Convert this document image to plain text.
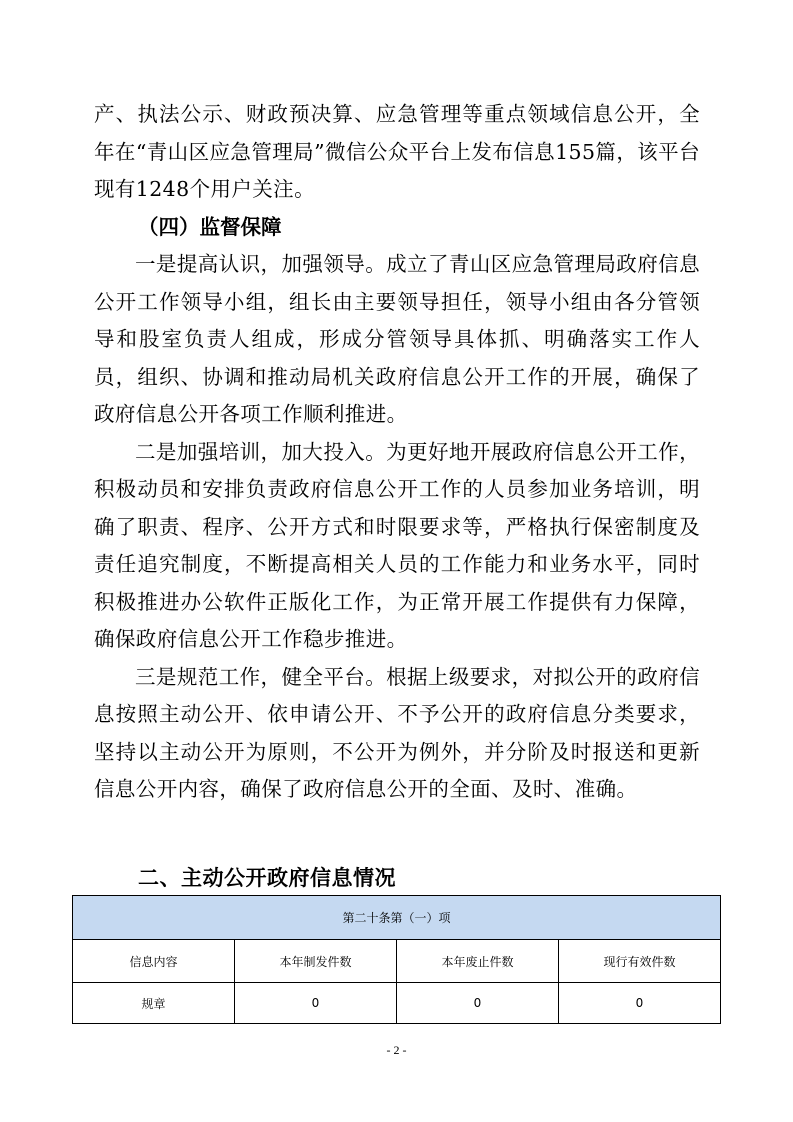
产、执法公示、财政预决算、应急管理等重点领域信息公开，全年在“青山区应急管理局”微信公众平台上发布信息155篇，该平台现有1248个用户关注。

（四）监督保障

一是提高认识，加强领导。成立了青山区应急管理局政府信息公开工作领导小组，组长由主要领导担任，领导小组由各分管领导和股室负责人组成，形成分管领导具体抓、明确落实工作人员，组织、协调和推动局机关政府信息公开工作的开展，确保了政府信息公开各项工作顺利推进。

二是加强培训，加大投入。为更好地开展政府信息公开工作，积极动员和安排负责政府信息公开工作的人员参加业务培训，明确了职责、程序、公开方式和时限要求等，严格执行保密制度及责任追究制度，不断提高相关人员的工作能力和业务水平，同时积极推进办公软件正版化工作，为正常开展工作提供有力保障，确保政府信息公开工作稳步推进。

三是规范工作，健全平台。根据上级要求，对拟公开的政府信息按照主动公开、依申请公开、不予公开的政府信息分类要求，坚持以主动公开为原则，不公开为例外，并分阶及时报送和更新信息公开内容，确保了政府信息公开的全面、及时、准确。

二、主动公开政府信息情况
第二十条第（一）项			
信息内容	本年制发件数	本年废止件数	现行有效件数
规章	0	0	0
- 2 -
